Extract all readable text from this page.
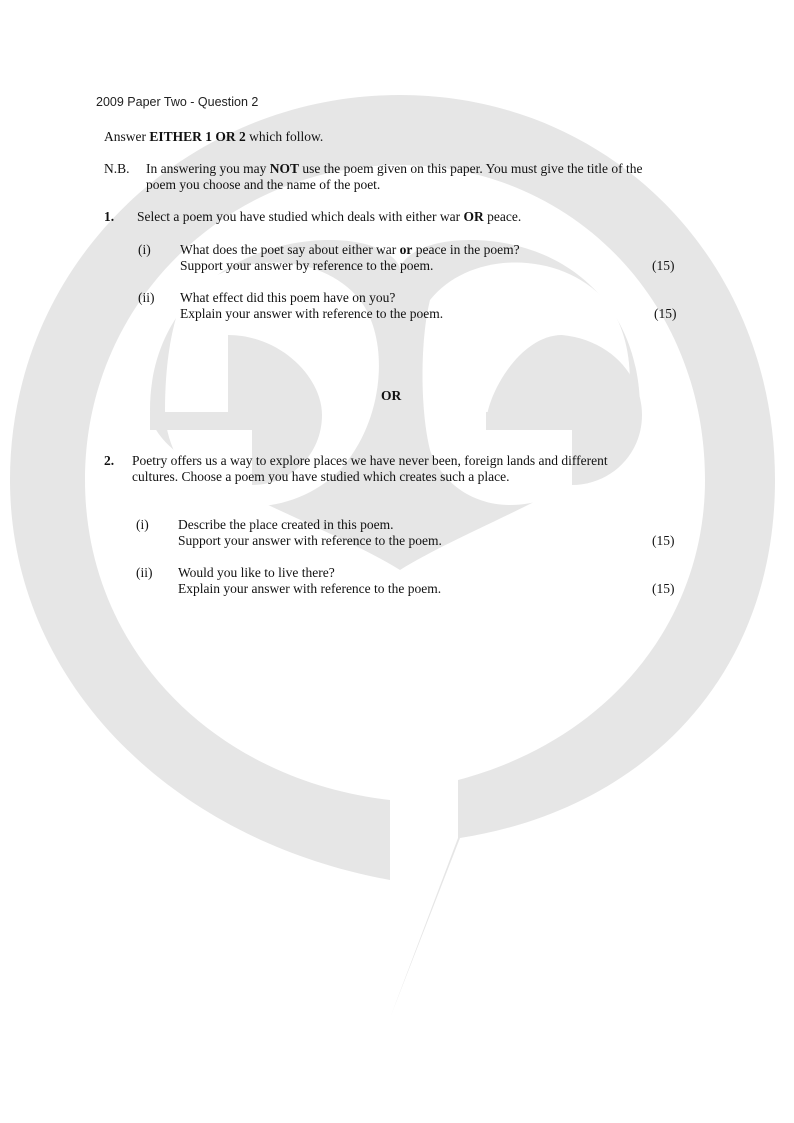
2009 Paper Two - Question 2
Answer EITHER 1 OR 2 which follow.
N.B. In answering you may NOT use the poem given on this paper. You must give the title of the
poem you choose and the name of the poet.
1. Select a poem you have studied which deals with either war OR peace.
(i) What does the poet say about either war or peace in the poem?
Support your answer by reference to the poem.	(15)
(ii) What effect did this poem have on you?
Explain your answer with reference to the poem.	(15)
OR
2. Poetry offers us a way to explore places we have never been, foreign lands and different
cultures. Choose a poem you have studied which creates such a place.
(i) Describe the place created in this poem.
Support your answer with reference to the poem.	(15)
(ii) Would you like to live there?
Explain your answer with reference to the poem.	(15)
